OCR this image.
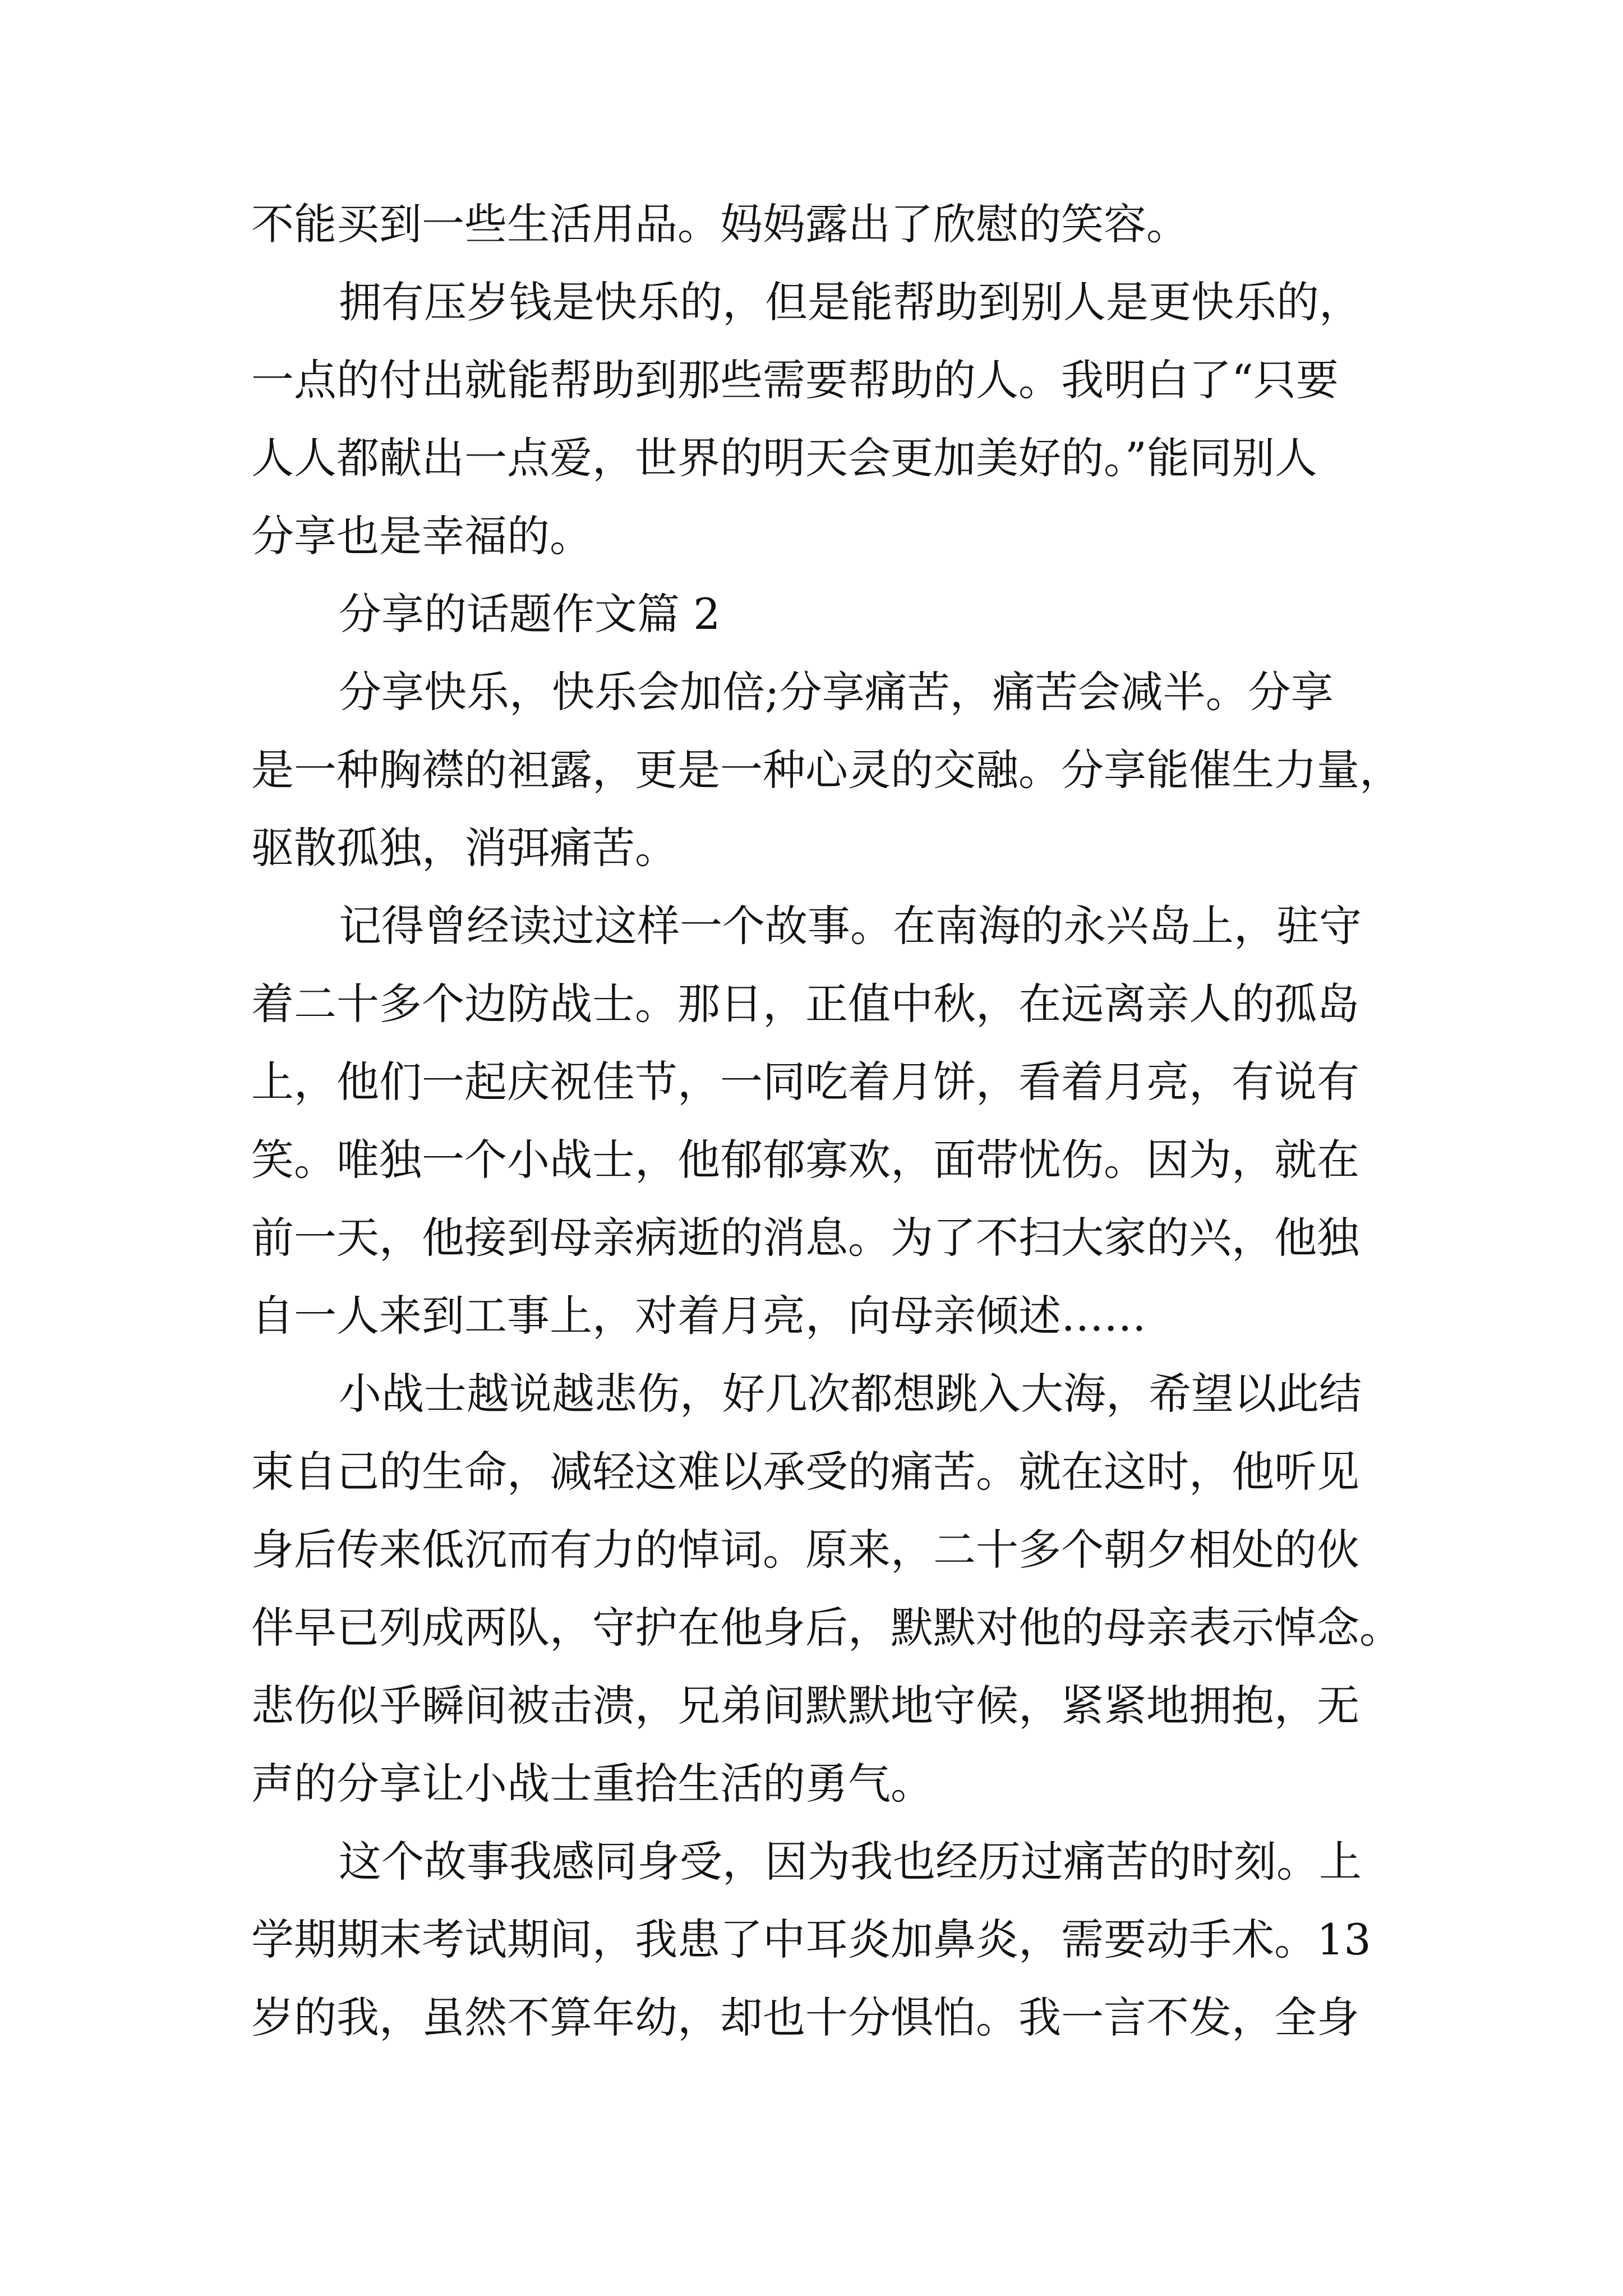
不能买到一些生活用品。妈妈露出了欣慰的笑容。
拥有压岁钱是快乐的，但是能帮助到别人是更快乐的，
一点的付出就能帮助到那些需要帮助的人。我明白了“只要
人人都献出一点爱，世界的明天会更加美好的。”能同别人
分享也是幸福的。
分享的话题作文篇 2
分享快乐，快乐会加倍;分享痛苦，痛苦会减半。分享
是一种胸襟的袒露，更是一种心灵的交融。分享能催生力量，
驱散孤独，消弭痛苦。
记得曾经读过这样一个故事。在南海的永兴岛上，驻守
着二十多个边防战士。那日，正值中秋，在远离亲人的孤岛
上，他们一起庆祝佳节，一同吃着月饼，看着月亮，有说有
笑。唯独一个小战士，他郁郁寡欢，面带忧伤。因为，就在
前一天，他接到母亲病逝的消息。为了不扫大家的兴，他独
自一人来到工事上，对着月亮，向母亲倾述……
小战士越说越悲伤，好几次都想跳入大海，希望以此结
束自己的生命，减轻这难以承受的痛苦。就在这时，他听见
身后传来低沉而有力的悼词。原来，二十多个朝夕相处的伙
伴早已列成两队，守护在他身后，默默对他的母亲表示悼念。
悲伤似乎瞬间被击溃，兄弟间默默地守候，紧紧地拥抱，无
声的分享让小战士重拾生活的勇气。
这个故事我感同身受，因为我也经历过痛苦的时刻。上
学期期末考试期间，我患了中耳炎加鼻炎，需要动手术。13
岁的我，虽然不算年幼，却也十分惧怕。我一言不发，全身
